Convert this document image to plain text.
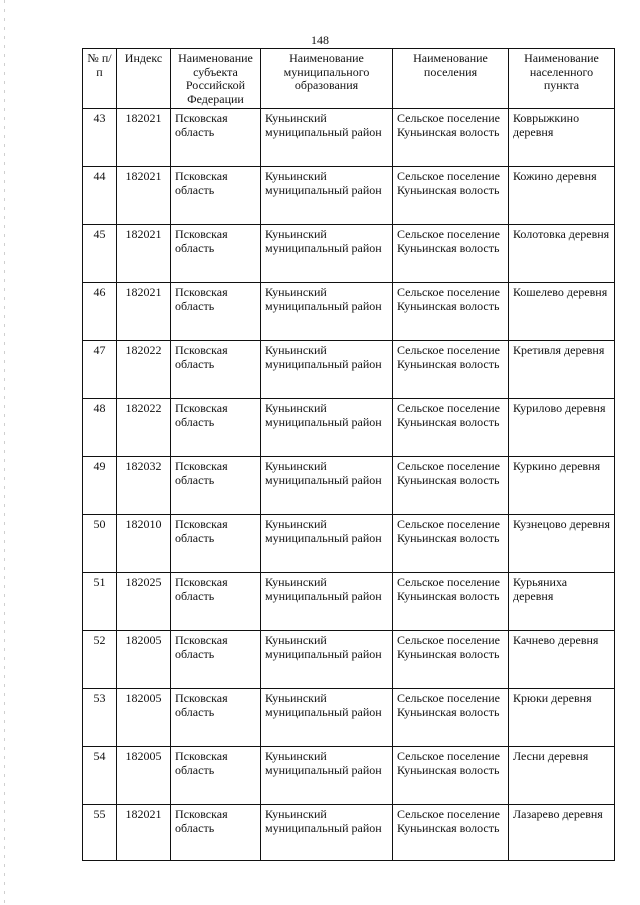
148
№ п/п	Индекс	Наименование субъекта Российской Федерации	Наименование муниципального образования	Наименование поселения	Наименование населенного пункта
43	182021	Псковская область	Куньинский муниципальный район	Сельское поселение Куньинская волость	Коврыжкино деревня
44	182021	Псковская область	Куньинский муниципальный район	Сельское поселение Куньинская волость	Кожино деревня
45	182021	Псковская область	Куньинский муниципальный район	Сельское поселение Куньинская волость	Колотовка деревня
46	182021	Псковская область	Куньинский муниципальный район	Сельское поселение Куньинская волость	Кошелево деревня
47	182022	Псковская область	Куньинский муниципальный район	Сельское поселение Куньинская волость	Кретивля деревня
48	182022	Псковская область	Куньинский муниципальный район	Сельское поселение Куньинская волость	Курилово деревня
49	182032	Псковская область	Куньинский муниципальный район	Сельское поселение Куньинская волость	Куркино деревня
50	182010	Псковская область	Куньинский муниципальный район	Сельское поселение Куньинская волость	Кузнецово деревня
51	182025	Псковская область	Куньинский муниципальный район	Сельское поселение Куньинская волость	Курьяниха деревня
52	182005	Псковская область	Куньинский муниципальный район	Сельское поселение Куньинская волость	Качнево деревня
53	182005	Псковская область	Куньинский муниципальный район	Сельское поселение Куньинская волость	Крюки деревня
54	182005	Псковская область	Куньинский муниципальный район	Сельское поселение Куньинская волость	Лесни деревня
55	182021	Псковская область	Куньинский муниципальный район	Сельское поселение Куньинская волость	Лазарево деревня
